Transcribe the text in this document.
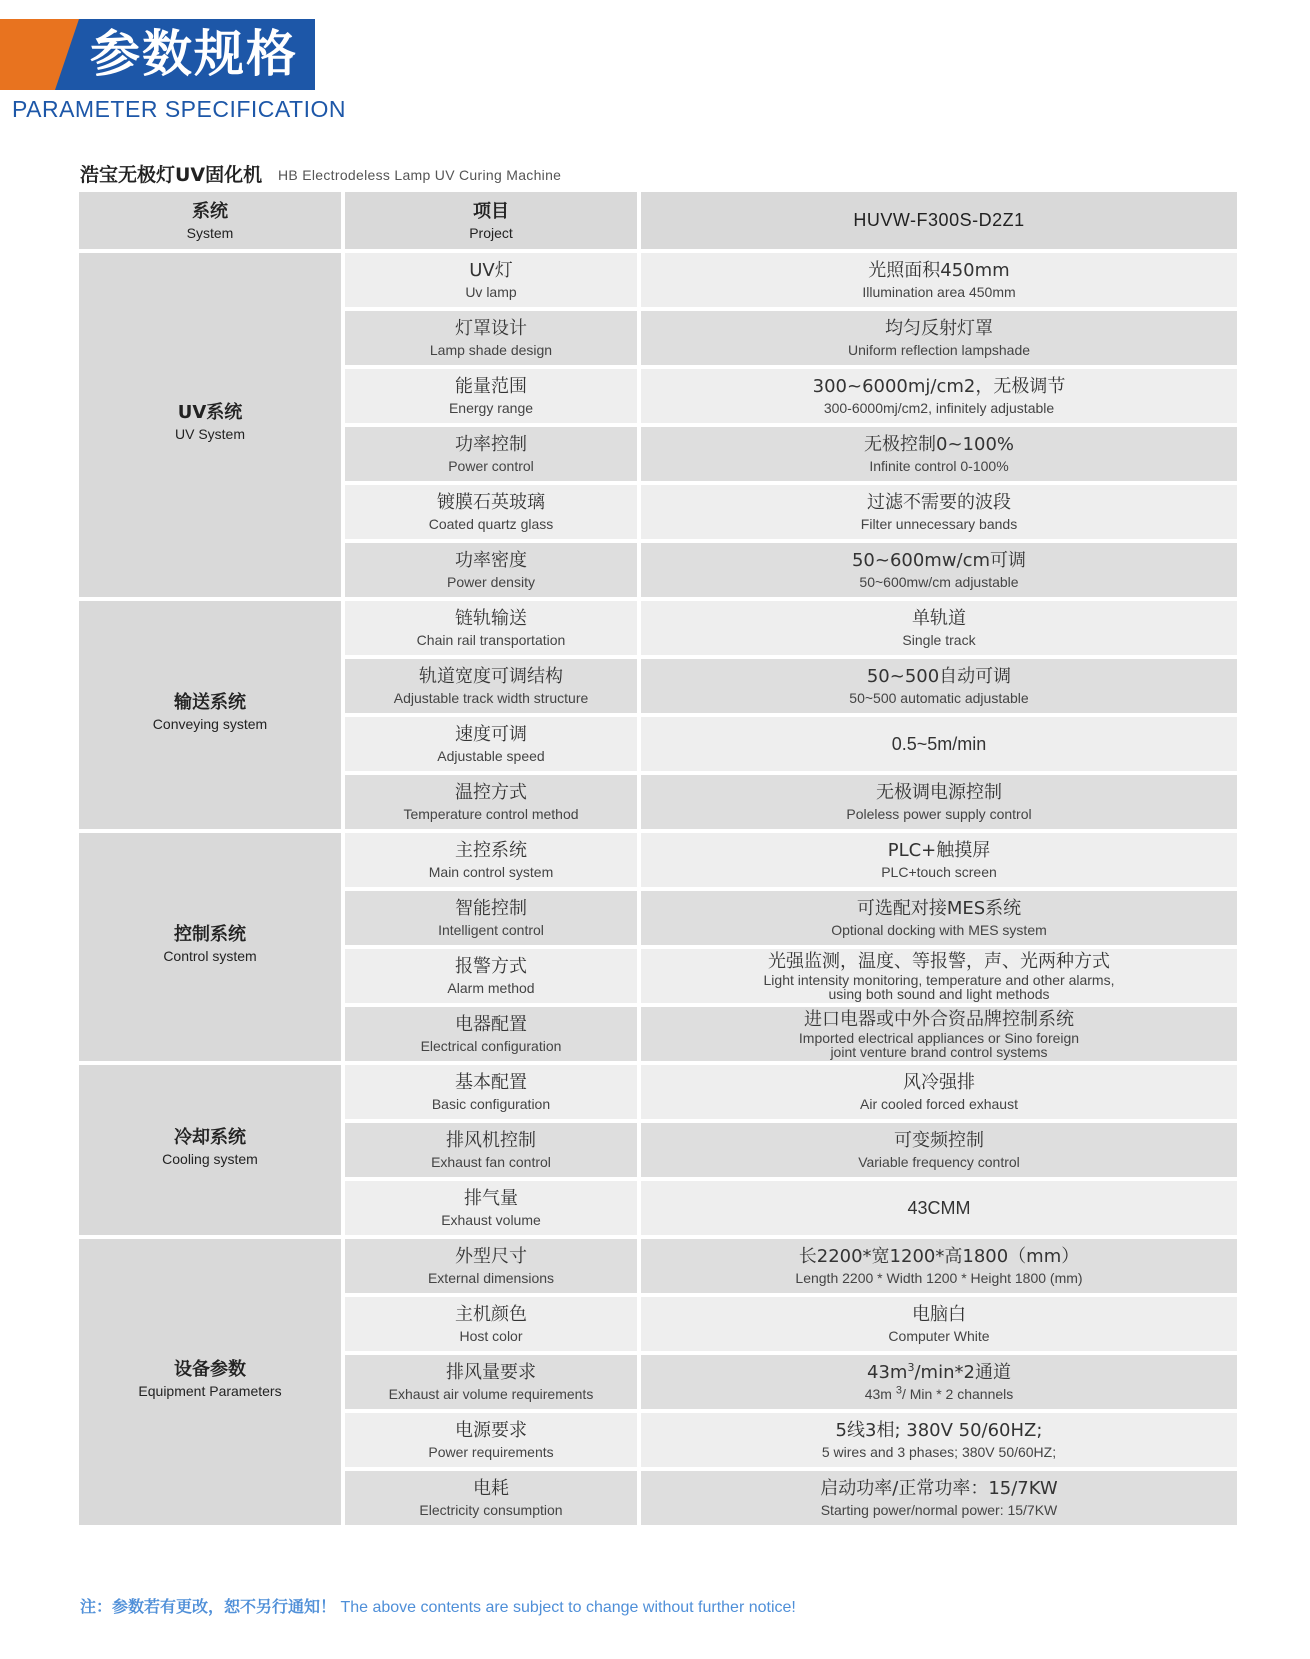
参数规格
PARAMETER SPECIFICATION
浩宝无极灯UV固化机 HB Electrodeless Lamp UV Curing Machine
系统
System
项目
Project
HUVW-F300S-D2Z1
UV系统
UV System
UV灯
Uv lamp
光照面积450mm
Illumination area 450mm
灯罩设计
Lamp shade design
均匀反射灯罩
Uniform reflection lampshade
能量范围
Energy range
300~6000mj/cm2，无极调节
300-6000mj/cm2, infinitely adjustable
功率控制
Power control
无极控制0~100%
Infinite control 0-100%
镀膜石英玻璃
Coated quartz glass
过滤不需要的波段
Filter unnecessary bands
功率密度
Power density
50~600mw/cm可调
50~600mw/cm adjustable
输送系统
Conveying system
链轨输送
Chain rail transportation
单轨道
Single track
轨道宽度可调结构
Adjustable track width structure
50~500自动可调
50~500 automatic adjustable
速度可调
Adjustable speed
0.5~5m/min
温控方式
Temperature control method
无极调电源控制
Poleless power supply control
控制系统
Control system
主控系统
Main control system
PLC+触摸屏
PLC+touch screen
智能控制
Intelligent control
可选配对接MES系统
Optional docking with MES system
报警方式
Alarm method
光强监测，温度、等报警，声、光两种方式
Light intensity monitoring, temperature and other alarms,
using both sound and light methods
电器配置
Electrical configuration
进口电器或中外合资品牌控制系统
Imported electrical appliances or Sino foreign
joint venture brand control systems
冷却系统
Cooling system
基本配置
Basic configuration
风冷强排
Air cooled forced exhaust
排风机控制
Exhaust fan control
可变频控制
Variable frequency control
排气量
Exhaust volume
43CMM
设备参数
Equipment Parameters
外型尺寸
External dimensions
长2200*宽1200*高1800（mm）
Length 2200 * Width 1200 * Height 1800 (mm)
主机颜色
Host color
电脑白
Computer White
排风量要求
Exhaust air volume requirements
$43m^3/\min*2$通道
43m $^3$/ Min * 2 channels
电源要求
Power requirements
5线3相; 380V 50/60HZ;
5 wires and 3 phases; 380V 50/60HZ;
电耗
Electricity consumption
启动功率/正常功率：15/7KW
Starting power/normal power: 15/7KW
注：参数若有更改，恕不另行通知！ The above contents are subject to change without further notice!
